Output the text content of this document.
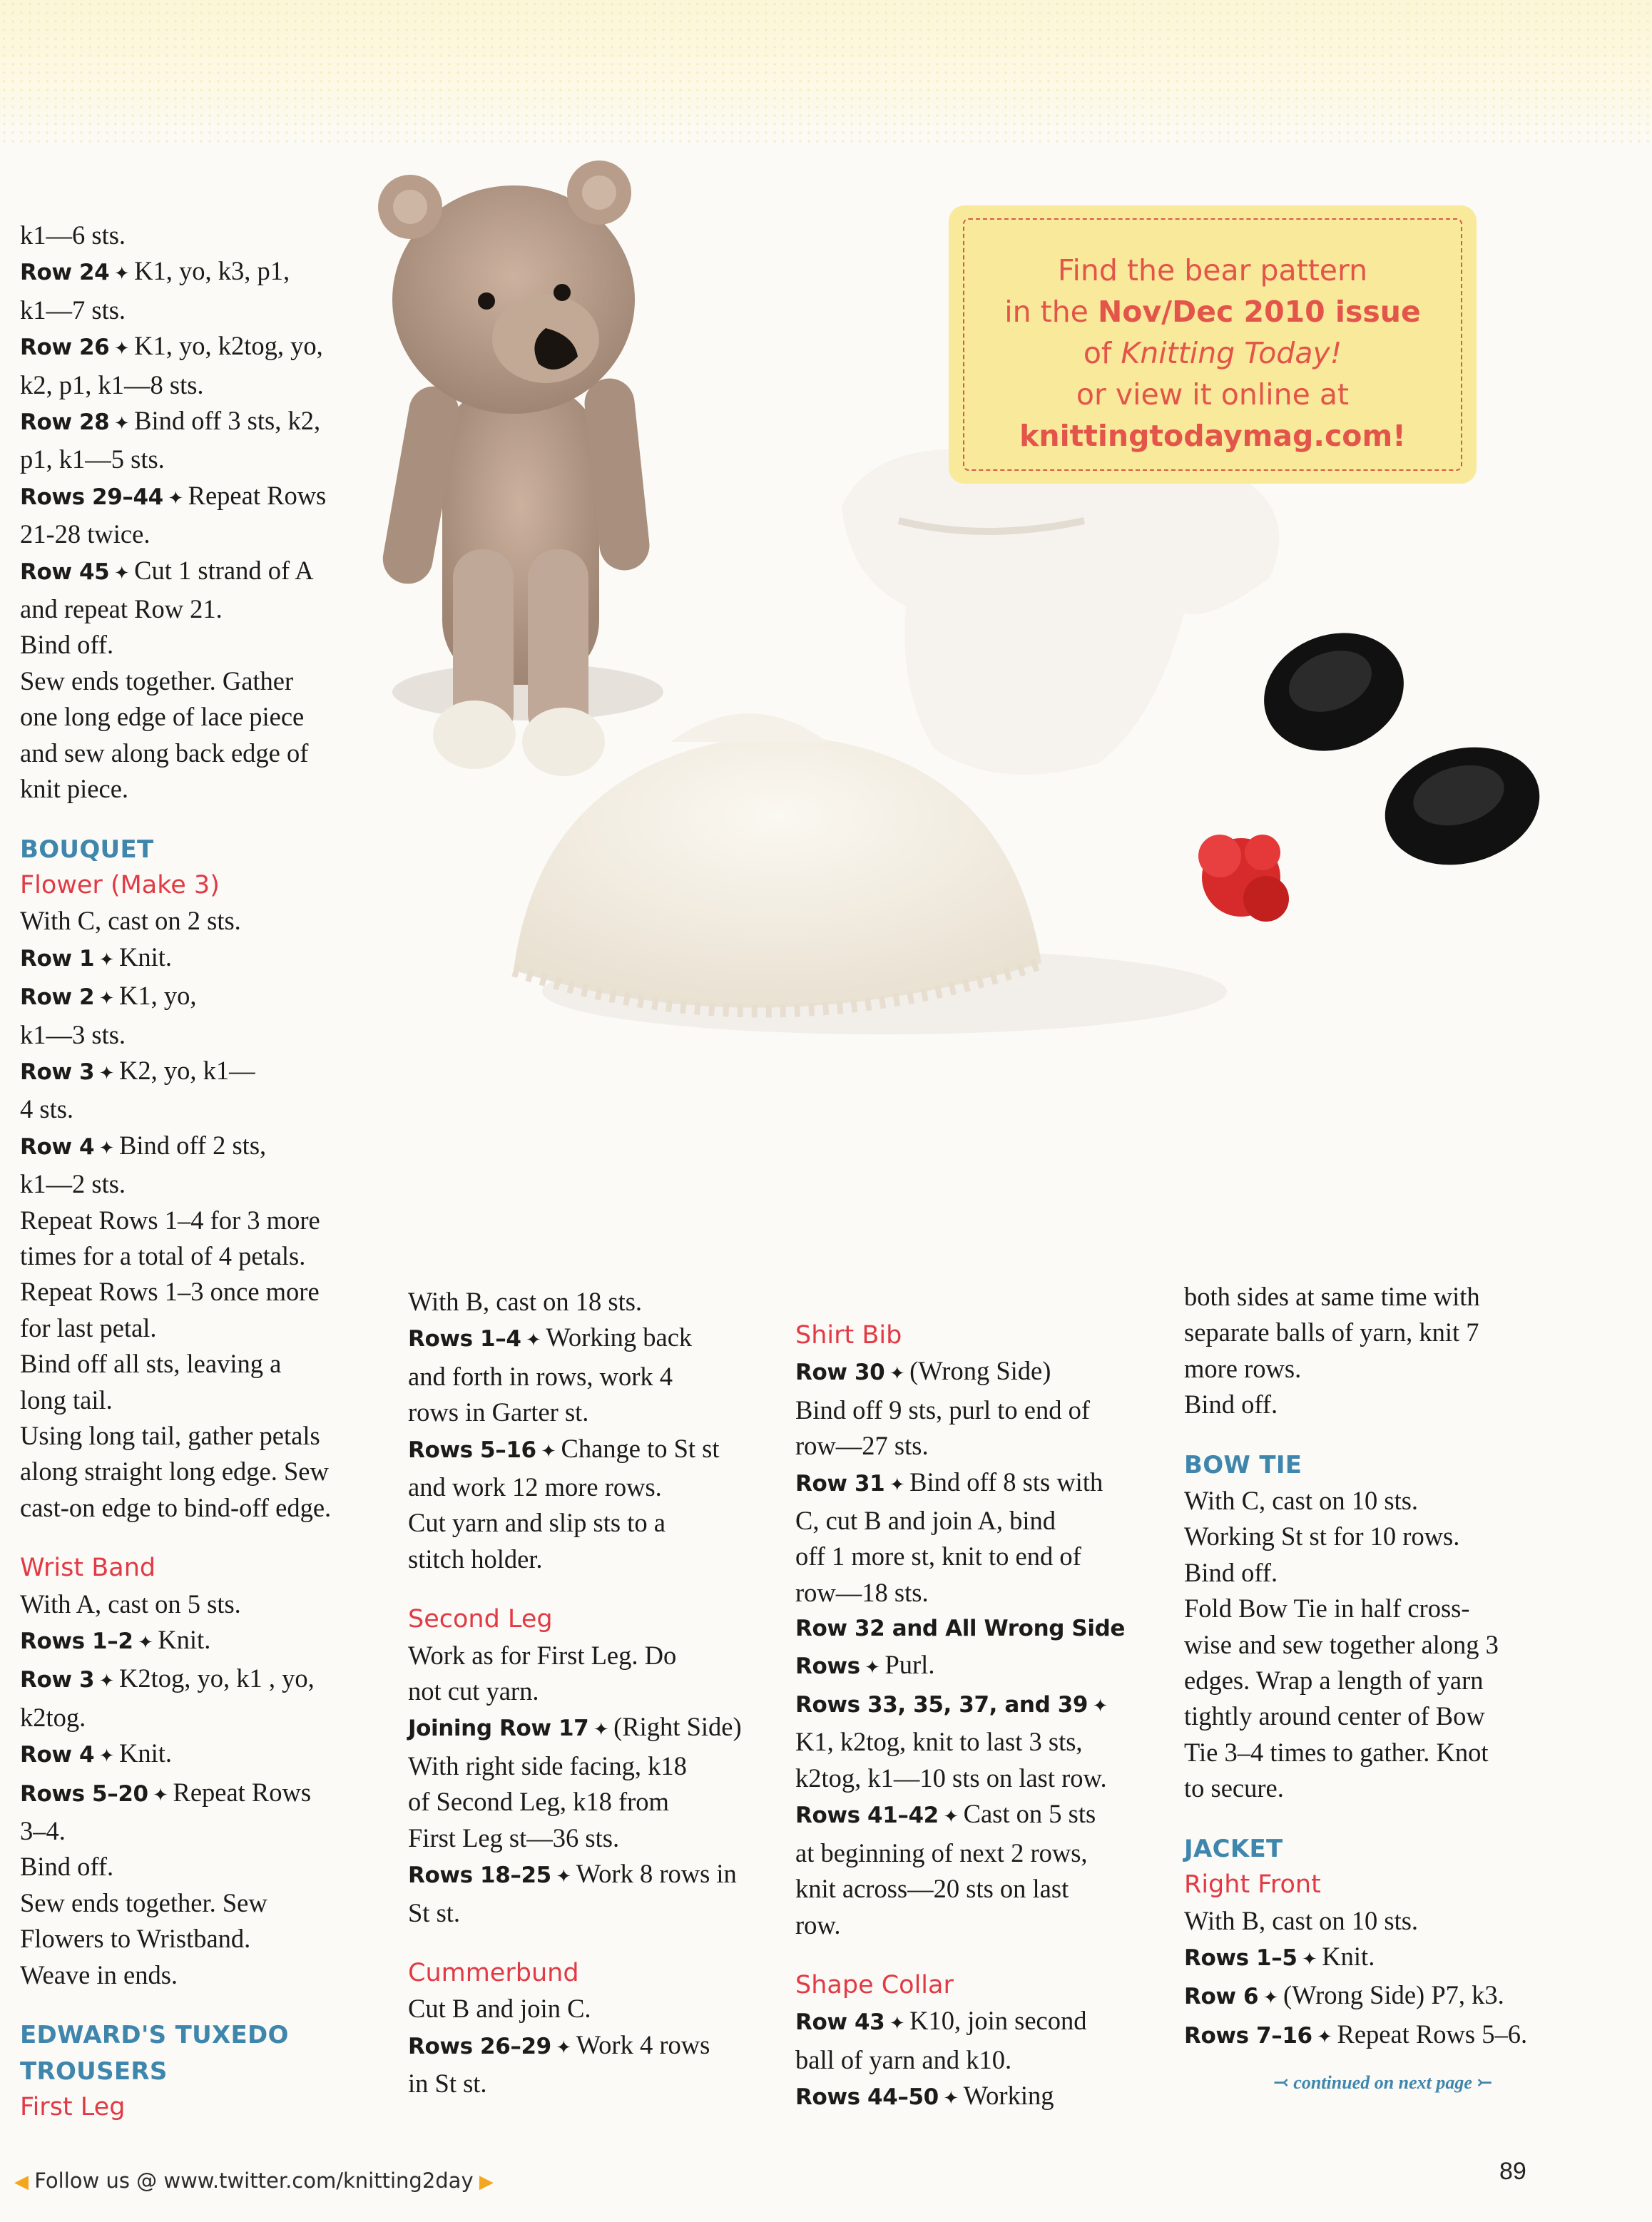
Find the bear pattern
in the Nov/Dec 2010 issue
of Knitting Today!
or view it online at
knittingtodaymag.com!

k1—6 sts.

Row 24 ✦ K1, yo, k3, p1,

k1—7 sts.

Row 26 ✦ K1, yo, k2tog, yo,

k2, p1, k1—8 sts.

Row 28 ✦ Bind off 3 sts, k2,

p1, k1—5 sts.

Rows 29–44 ✦ Repeat Rows

21-28 twice.

Row 45 ✦ Cut 1 strand of A

and repeat Row 21.

Bind off.

Sew ends together. Gather

one long edge of lace piece

and sew along back edge of

knit piece.

BOUQUET

Flower (Make 3)

With C, cast on 2 sts.

Row 1 ✦ Knit.

Row 2 ✦ K1, yo,

k1—3 sts.

Row 3 ✦ K2, yo, k1—

4 sts.

Row 4 ✦ Bind off 2 sts,

k1—2 sts.

Repeat Rows 1–4 for 3 more

times for a total of 4 petals.

Repeat Rows 1–3 once more

for last petal.

Bind off all sts, leaving a

long tail.

Using long tail, gather petals

along straight long edge. Sew

cast-on edge to bind-off edge.

Wrist Band

With A, cast on 5 sts.

Rows 1–2 ✦ Knit.

Row 3 ✦ K2tog, yo, k1 , yo,

k2tog.

Row 4 ✦ Knit.

Rows 5–20 ✦ Repeat Rows

3–4.

Bind off.

Sew ends together. Sew

Flowers to Wristband.

Weave in ends.

EDWARD'S TUXEDO

TROUSERS

First Leg

With B, cast on 18 sts.

Rows 1–4 ✦ Working back

and forth in rows, work 4

rows in Garter st.

Rows 5–16 ✦ Change to St st

and work 12 more rows.

Cut yarn and slip sts to a

stitch holder.

Second Leg

Work as for First Leg. Do

not cut yarn.

Joining Row 17 ✦ (Right Side)

With right side facing, k18

of Second Leg, k18 from

First Leg st—36 sts.

Rows 18–25 ✦ Work 8 rows in

St st.

Cummerbund

Cut B and join C.

Rows 26–29 ✦ Work 4 rows

in St st.

Shirt Bib

Row 30 ✦ (Wrong Side)

Bind off 9 sts, purl to end of

row—27 sts.

Row 31 ✦ Bind off 8 sts with

C, cut B and join A, bind

off 1 more st, knit to end of

row—18 sts.

Row 32 and All Wrong Side

Rows ✦ Purl.

Rows 33, 35, 37, and 39 ✦

K1, k2tog, knit to last 3 sts,

k2tog, k1—10 sts on last row.

Rows 41–42 ✦ Cast on 5 sts

at beginning of next 2 rows,

knit across—20 sts on last

row.

Shape Collar

Row 43 ✦ K10, join second

ball of yarn and k10.

Rows 44–50 ✦ Working

both sides at same time with

separate balls of yarn, knit 7

more rows.

Bind off.

BOW TIE

With C, cast on 10 sts.

Working St st for 10 rows.

Bind off.

Fold Bow Tie in half cross-

wise and sew together along 3

edges. Wrap a length of yarn

tightly around center of Bow

Tie 3–4 times to gather. Knot

to secure.

JACKET

Right Front

With B, cast on 10 sts.

Rows 1–5 ✦ Knit.

Row 6 ✦ (Wrong Side) P7, k3.

Rows 7–16 ✦ Repeat Rows 5–6.

⤙ continued on next page ⤚
◀ Follow us @ www.twitter.com/knitting2day ▶	89
